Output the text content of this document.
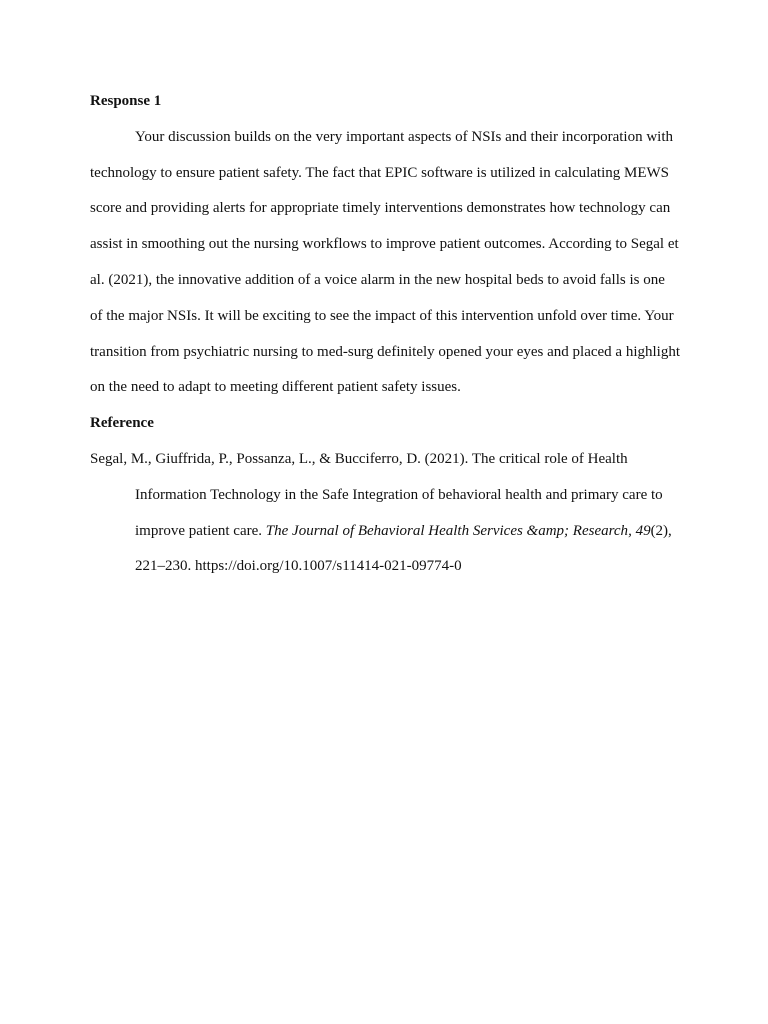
Response 1

Your discussion builds on the very important aspects of NSIs and their incorporation with technology to ensure patient safety. The fact that EPIC software is utilized in calculating MEWS score and providing alerts for appropriate timely interventions demonstrates how technology can assist in smoothing out the nursing workflows to improve patient outcomes. According to Segal et al. (2021), the innovative addition of a voice alarm in the new hospital beds to avoid falls is one of the major NSIs. It will be exciting to see the impact of this intervention unfold over time. Your transition from psychiatric nursing to med-surg definitely opened your eyes and placed a highlight on the need to adapt to meeting different patient safety issues.

Reference

Segal, M., Giuffrida, P., Possanza, L., & Bucciferro, D. (2021). The critical role of Health Information Technology in the Safe Integration of behavioral health and primary care to improve patient care. The Journal of Behavioral Health Services &amp; Research, 49(2), 221–230. https://doi.org/10.1007/s11414-021-09774-0
